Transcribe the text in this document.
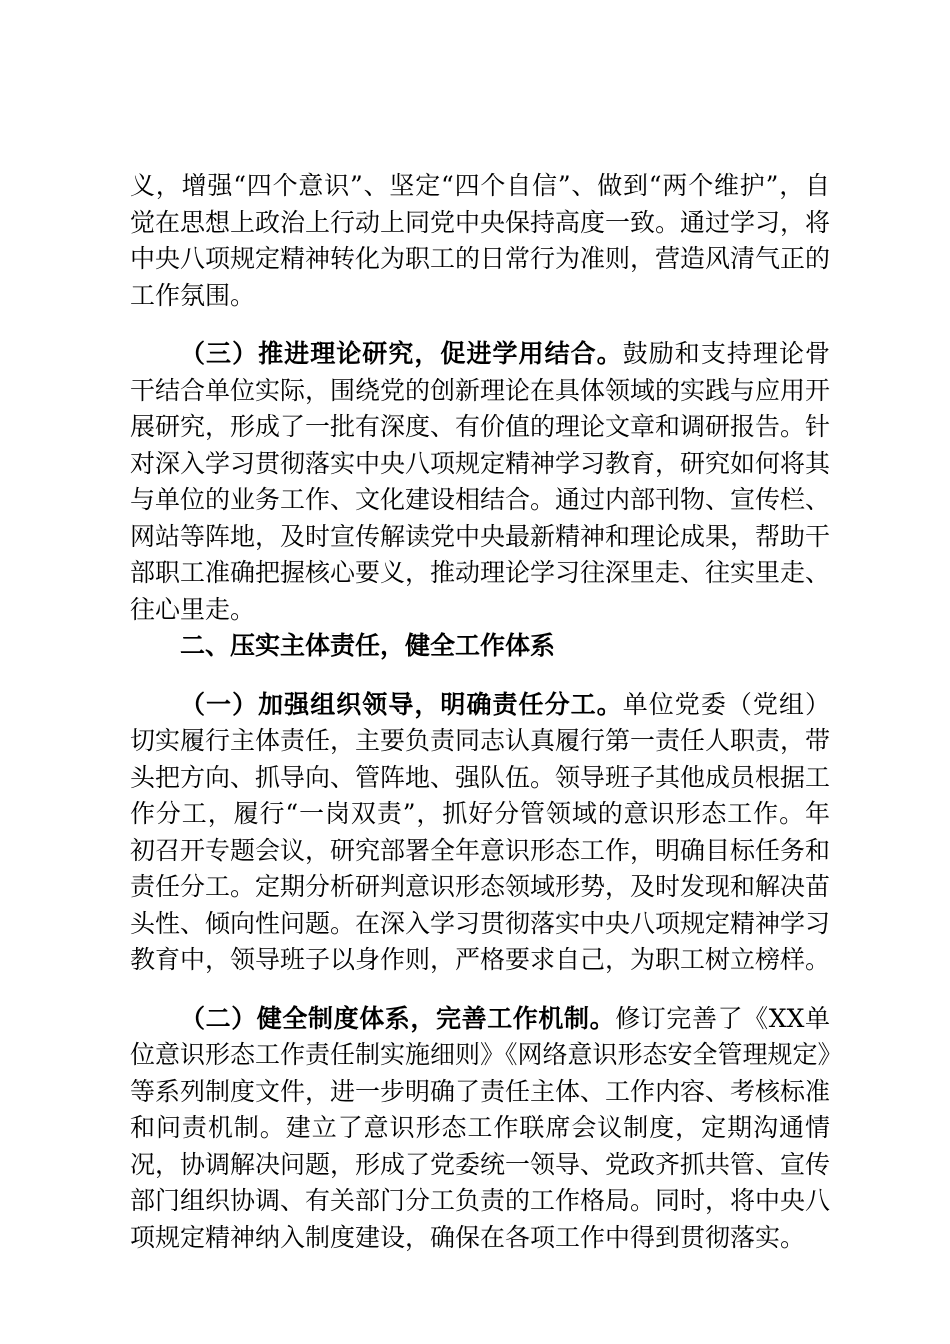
义，增强“四个意识”、坚定“四个自信”、做到“两个维护”，自觉在思想上政治上行动上同党中央保持高度一致。通过学习，将中央八项规定精神转化为职工的日常行为准则，营造风清气正的工作氛围。

（三）推进理论研究，促进学用结合。鼓励和支持理论骨干结合单位实际，围绕党的创新理论在具体领域的实践与应用开展研究，形成了一批有深度、有价值的理论文章和调研报告。针对深入学习贯彻落实中央八项规定精神学习教育，研究如何将其与单位的业务工作、文化建设相结合。通过内部刊物、宣传栏、网站等阵地，及时宣传解读党中央最新精神和理论成果，帮助干部职工准确把握核心要义，推动理论学习往深里走、往实里走、往心里走。

二、压实主体责任，健全工作体系

（一）加强组织领导，明确责任分工。单位党委（党组）切实履行主体责任，主要负责同志认真履行第一责任人职责，带头把方向、抓导向、管阵地、强队伍。领导班子其他成员根据工作分工，履行“一岗双责”，抓好分管领域的意识形态工作。年初召开专题会议，研究部署全年意识形态工作，明确目标任务和责任分工。定期分析研判意识形态领域形势，及时发现和解决苗头性、倾向性问题。在深入学习贯彻落实中央八项规定精神学习教育中，领导班子以身作则，严格要求自己，为职工树立榜样。

（二）健全制度体系，完善工作机制。修订完善了《XX单位意识形态工作责任制实施细则》《网络意识形态安全管理规定》等系列制度文件，进一步明确了责任主体、工作内容、考核标准和问责机制。建立了意识形态工作联席会议制度，定期沟通情况，协调解决问题，形成了党委统一领导、党政齐抓共管、宣传部门组织协调、有关部门分工负责的工作格局。同时，将中央八项规定精神纳入制度建设，确保在各项工作中得到贯彻落实。
